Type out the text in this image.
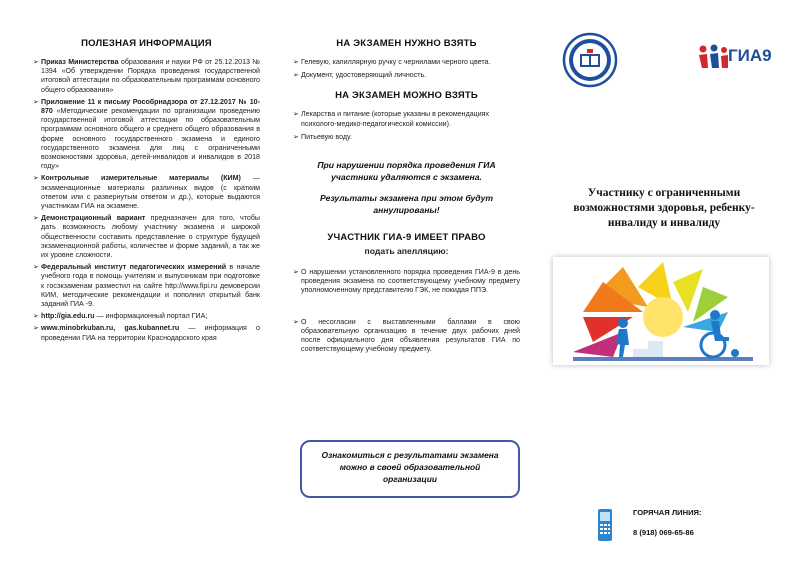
ПОЛЕЗНАЯ ИНФОРМАЦИЯ
➢ Приказ Министерства образования и науки РФ от 25.12.2013 № 1394 «Об утверждении Порядка проведения государственной итоговой аттестации по образовательным программам основного общего образования»
➢ Приложение 11 к письму Рособрнадзора от 27.12.2017 № 10-870 «Методические рекомендации по организации проведению государственной итоговой аттестации по образовательным программам основного общего и среднего общего образования в форме основного государственного экзамена и единого государственного экзамена для лиц с ограниченными возможностями здоровья, детей-инвалидов и инвалидов в 2018 году»
➢ Контрольные измерительные материалы (КИМ) — экзаменационные материалы различных видов (с кратким ответом или с развернутым ответом и др.), которые выдаются участникам ГИА на экзамене.
➢ Демонстрационный вариант предназначен для того, чтобы дать возможность любому участнику экзамена и широкой общественности составить представление о структуре будущей экзаменационной работы, количестве и форме заданий, а так же их уровне сложности.
➢ Федеральный институт педагогических измерений в начале учебного года в помощь учителям и выпускникам при подготовке к госэкзаменам разместил на сайте http://www.fipi.ru демоверсии КИМ, методические рекомендации и пополнил открытый банк заданий ГИА -9.
➢ http://gia.edu.ru — информационный портал ГИА;
➢ www.minobrkuban.ru, gas.kubannet.ru — информация о проведении ГИА на территории Краснодарского края
НА ЭКЗАМЕН НУЖНО ВЗЯТЬ
➢ Гелевую, капиллярную ручку с чернилами черного цвета.
➢ Документ, удостоверяющий личность.
НА ЭКЗАМЕН МОЖНО ВЗЯТЬ
➢ Лекарства и питание (которые указаны в рекомендациях психолого-медико-педагогической комиссии).
➢ Питьевую воду.
При нарушении порядка проведения ГИА участники удаляются с экзамена.
Результаты экзамена при этом будут аннулированы!
УЧАСТНИК ГИА-9 ИМЕЕТ ПРАВО
подать апелляцию:
➢ О нарушении установленного порядка проведения ГИА-9 в день проведения экзамена по соответствующему учебному предмету уполномоченному представителю ГЭК, не покидая ППЭ.
➢ О несогласии с выставленными баллами в свою образовательную организацию в течение двух рабочих дней после официального дня объявления результатов ГИА по соответствующему учебному предмету.
Ознакомиться с результатами экзамена можно в своей образовательной организации
ГИА9
Участнику с ограниченными возможностями здоровья, ребенку-инвалиду и инвалиду
ГОРЯЧАЯ ЛИНИЯ:
8 (918) 069-65-86
